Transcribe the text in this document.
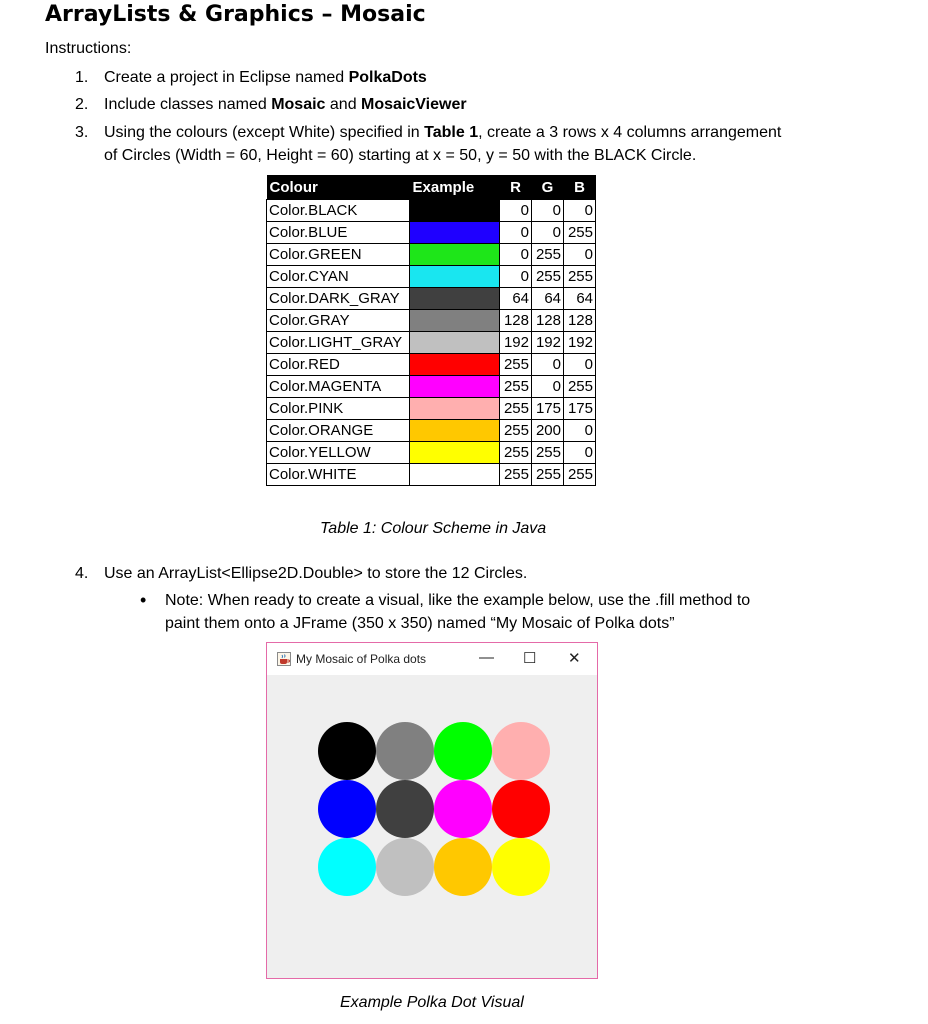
ArrayLists & Graphics – Mosaic
Instructions:
1. Create a project in Eclipse named PolkaDots
2. Include classes named Mosaic and MosaicViewer
3. Using the colours (except White) specified in Table 1, create a 3 rows x 4 columns arrangement
of Circles (Width = 60, Height = 60) starting at x = 50, y = 50 with the BLACK Circle.
Colour	Example	R	G	B
Color.BLACK		0	0	0
Color.BLUE		0	0	255
Color.GREEN		0	255	0
Color.CYAN		0	255	255
Color.DARK_GRAY		64	64	64
Color.GRAY		128	128	128
Color.LIGHT_GRAY		192	192	192
Color.RED		255	0	0
Color.MAGENTA		255	0	255
Color.PINK		255	175	175
Color.ORANGE		255	200	0
Color.YELLOW		255	255	0
Color.WHITE		255	255	255
Table 1: Colour Scheme in Java
4. Use an ArrayList<Ellipse2D.Double> to store the 12 Circles.
• Note: When ready to create a visual, like the example below, use the .fill method to
paint them onto a JFrame (350 x 350) named “My Mosaic of Polka dots”
My Mosaic of Polka dots	— ☐ ✕
Example Polka Dot Visual
